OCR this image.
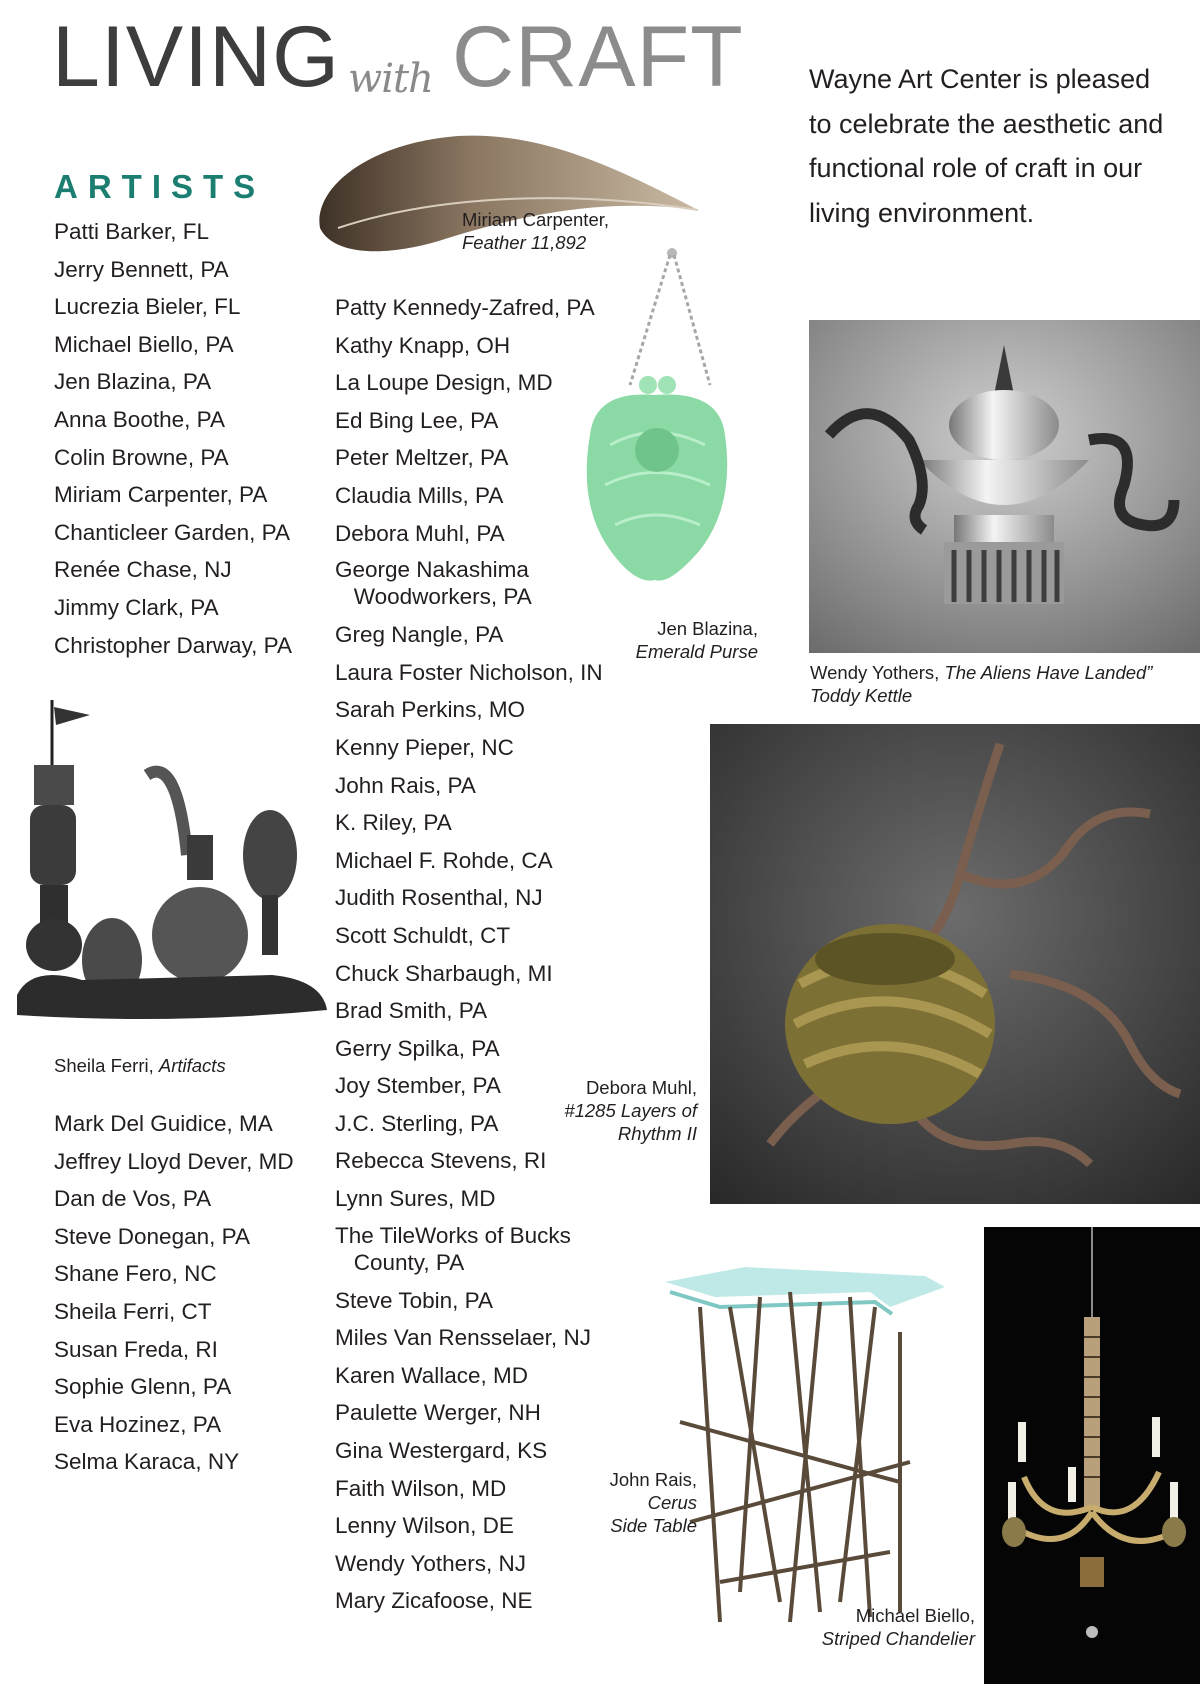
LIVING with CRAFT Wayne Art Center is pleased to celebrate the aesthetic and functional role of craft in our living environment.
ARTISTS
Patti Barker, FL
Jerry Bennett, PA
Lucrezia Bieler, FL
Michael Biello, PA
Jen Blazina, PA
Anna Boothe, PA
Colin Browne, PA
Miriam Carpenter, PA
Chanticleer Garden, PA
Renée Chase, NJ
Jimmy Clark, PA
Christopher Darway, PA
Mark Del Guidice, MA
Jeffrey Lloyd Dever, MD
Dan de Vos, PA
Steve Donegan, PA
Shane Fero, NC
Sheila Ferri, CT
Susan Freda, RI
Sophie Glenn, PA
Eva Hozinez, PA
Selma Karaca, NY
Patty Kennedy-Zafred, PA
Kathy Knapp, OH
La Loupe Design, MD
Ed Bing Lee, PA
Peter Meltzer, PA
Claudia Mills, PA
Debora Muhl, PA
George Nakashima
Woodworkers, PA
Greg Nangle, PA
Laura Foster Nicholson, IN
Sarah Perkins, MO
Kenny Pieper, NC
John Rais, PA
K. Riley, PA
Michael F. Rohde, CA
Judith Rosenthal, NJ
Scott Schuldt, CT
Chuck Sharbaugh, MI
Brad Smith, PA
Gerry Spilka, PA
Joy Stember, PA
J.C. Sterling, PA
Rebecca Stevens, RI
Lynn Sures, MD
The TileWorks of Bucks
County, PA
Steve Tobin, PA
Miles Van Rensselaer, NJ
Karen Wallace, MD
Paulette Werger, NH
Gina Westergard, KS
Faith Wilson, MD
Lenny Wilson, DE
Wendy Yothers, NJ
Mary Zicafoose, NE
Miriam Carpenter,
Feather 11,892
Jen Blazina,
Emerald Purse
Wendy Yothers, The Aliens Have Landed”
Toddy Kettle
Sheila Ferri, Artifacts
Debora Muhl,
#1285 Layers of
Rhythm II
John Rais,
Cerus
Side Table
Michael Biello,
Striped Chandelier
